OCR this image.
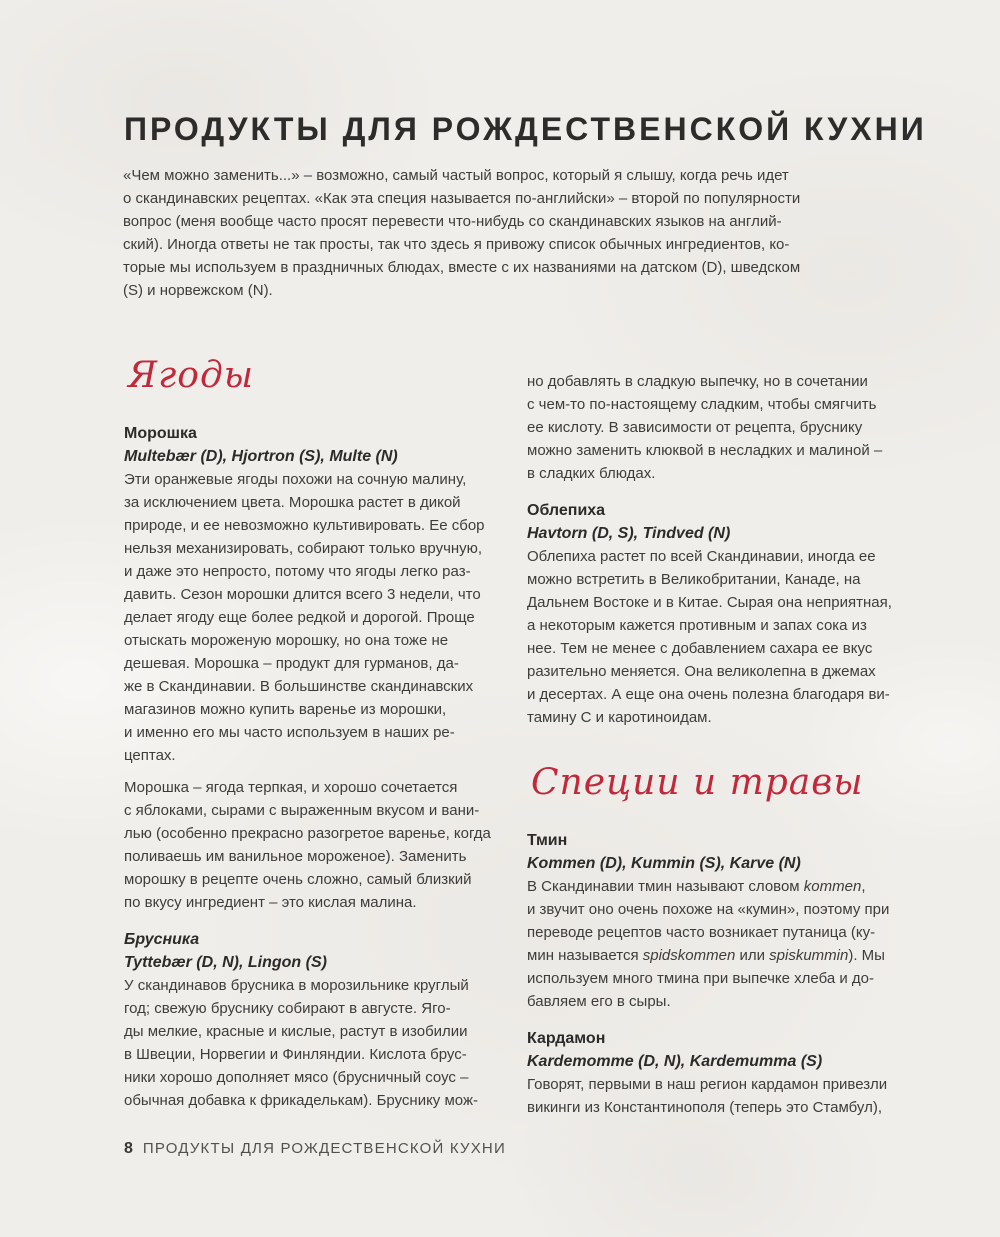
ПРОДУКТЫ ДЛЯ РОЖДЕСТВЕНСКОЙ КУХНИ
«Чем можно заменить...» – возможно, самый частый вопрос, который я слышу, когда речь идет
о скандинавских рецептах. «Как эта специя называется по-английски» – второй по популярности
вопрос (меня вообще часто просят перевести что-нибудь со скандинавских языков на англий-
ский). Иногда ответы не так просты, так что здесь я привожу список обычных ингредиентов, ко-
торые мы используем в праздничных блюдах, вместе с их названиями на датском (D), шведском
(S) и норвежском (N).
Ягоды
Морошка
Multebær (D), Hjortron (S), Multe (N)
Эти оранжевые ягоды похожи на сочную малину,
за исключением цвета. Морошка растет в дикой
природе, и ее невозможно культивировать. Ее сбор
нельзя механизировать, собирают только вручную,
и даже это непросто, потому что ягоды легко раз-
давить. Сезон морошки длится всего 3 недели, что
делает ягоду еще более редкой и дорогой. Проще
отыскать мороженую морошку, но она тоже не
дешевая. Морошка – продукт для гурманов, да-
же в Скандинавии. В большинстве скандинавских
магазинов можно купить варенье из морошки,
и именно его мы часто используем в наших ре-
цептах.
Морошка – ягода терпкая, и хорошо сочетается
с яблоками, сырами с выраженным вкусом и вани-
лью (особенно прекрасно разогретое варенье, когда
поливаешь им ванильное мороженое). Заменить
морошку в рецепте очень сложно, самый близкий
по вкусу ингредиент – это кислая малина.
Брусника
Tyttebær (D, N), Lingon (S)
У скандинавов брусника в морозильнике круглый
год; свежую бруснику собирают в августе. Яго-
ды мелкие, красные и кислые, растут в изобилии
в Швеции, Норвегии и Финляндии. Кислота брус-
ники хорошо дополняет мясо (брусничный соус –
обычная добавка к фрикаделькам). Бруснику мож-
но добавлять в сладкую выпечку, но в сочетании
с чем-то по-настоящему сладким, чтобы смягчить
ее кислоту. В зависимости от рецепта, бруснику
можно заменить клюквой в несладких и малиной –
в сладких блюдах.
Облепиха
Havtorn (D, S), Tindved (N)
Облепиха растет по всей Скандинавии, иногда ее
можно встретить в Великобритании, Канаде, на
Дальнем Востоке и в Китае. Сырая она неприятная,
а некоторым кажется противным и запах сока из
нее. Тем не менее с добавлением сахара ее вкус
разительно меняется. Она великолепна в джемах
и десертах. А еще она очень полезна благодаря ви-
тамину C и каротиноидам.
Специи и травы
Тмин
Kommen (D), Kummin (S), Karve (N)
В Скандинавии тмин называют словом kommen,
и звучит оно очень похоже на «кумин», поэтому при
переводе рецептов часто возникает путаница (ку-
мин называется spidskommen или spiskummin). Мы
используем много тмина при выпечке хлеба и до-
бавляем его в сыры.
Кардамон
Kardemomme (D, N), Kardemumma (S)
Говорят, первыми в наш регион кардамон привезли
викинги из Константинополя (теперь это Стамбул),
8 ПРОДУКТЫ ДЛЯ РОЖДЕСТВЕНСКОЙ КУХНИ
